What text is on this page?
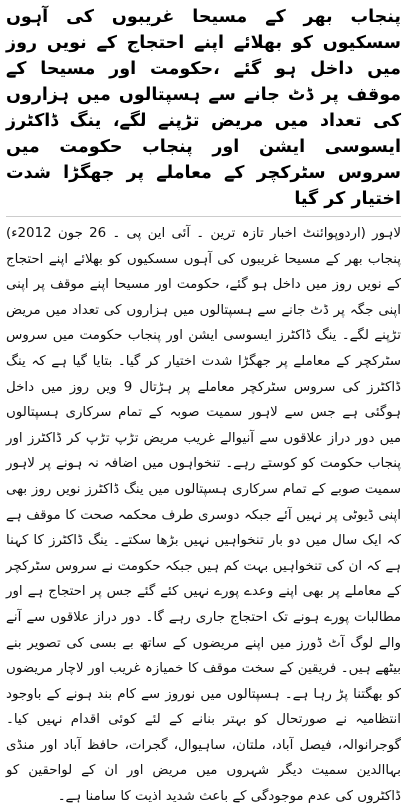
پنجاب بھر کے مسیحا غریبوں کی آہوں سسکیوں کو بھلائے اپنے احتجاج کے نویں روز میں داخل ہو گئے ،حکومت اور مسیحا کے موقف پر ڈٹ جانے سے ہسپتالوں میں ہزاروں کی تعداد میں مریض تڑپنے لگے، ینگ ڈاکٹرز ایسوسی ایشن اور پنجاب حکومت میں سروس سٹرکچر کے معاملے پر جھگڑا شدت اختیار کر گیا

لاہور (اردوپوائنٹ اخبار تازہ ترین ۔ آئی این پی ۔ 26 جون 2012ء) پنجاب بھر کے مسیحا غریبوں کی آہوں سسکیوں کو بھلائے اپنے احتجاج کے نویں روز میں داخل ہو گئے، حکومت اور مسیحا اپنے موقف پر اپنی اپنی جگہ پر ڈٹ جانے سے ہسپتالوں میں ہزاروں کی تعداد میں مریض تڑپنے لگے۔ ینگ ڈاکٹرز ایسوسی ایشن اور پنجاب حکومت میں سروس سٹرکچر کے معاملے پر جھگڑا شدت اختیار کر گیا۔ بتایا گیا ہے کہ ینگ ڈاکٹرز کی سروس سٹرکچر معاملے پر ہڑتال 9 ویں روز میں داخل ہوگئی ہے جس سے لاہور سمیت صوبہ کے تمام سرکاری ہسپتالوں میں دور دراز علاقوں سے آنیوالے غریب مریض تڑپ تڑپ کر ڈاکٹرز اور پنجاب حکومت کو کوستے رہے۔ تنخواہوں میں اضافہ نہ ہونے پر لاہور سمیت صوبے کے تمام سرکاری ہسپتالوں میں ینگ ڈاکٹرز نویں روز بھی اپنی ڈیوٹی پر نہیں آئے جبکہ دوسری طرف محکمہ صحت کا موقف ہے کہ ایک سال میں دو بار تنخواہیں نہیں بڑھا سکتے۔ ینگ ڈاکٹرز کا کہنا ہے کہ ان کی تنخواہیں بہت کم ہیں جبکہ حکومت نے سروس سٹرکچر کے معاملے پر بھی اپنے وعدے پورے نہیں کئے گئے جس پر احتجاج ہے اور مطالبات پورے ہونے تک احتجاج جاری رہے گا۔ دور دراز علاقوں سے آنے والے لوگ آٹ ڈورز میں اپنے مریضوں کے ساتھ بے بسی کی تصویر بنے بیٹھے ہیں۔ فریقین کے سخت موقف کا خمیازہ غریب اور لاچار مریضوں کو بھگتنا پڑ رہا ہے۔ ہسپتالوں میں نوروز سے کام بند ہونے کے باوجود انتظامیہ نے صورتحال کو بہتر بنانے کے لئے کوئی اقدام نہیں کیا۔ گوجرانوالہ، فیصل آباد، ملتان، ساہیوال، گجرات، حافظ آباد اور منڈی بہاالدین سمیت دیگر شہروں میں مریض اور ان کے لواحقین کو ڈاکٹروں کی عدم موجودگی کے باعث شدید اذیت کا سامنا ہے۔
